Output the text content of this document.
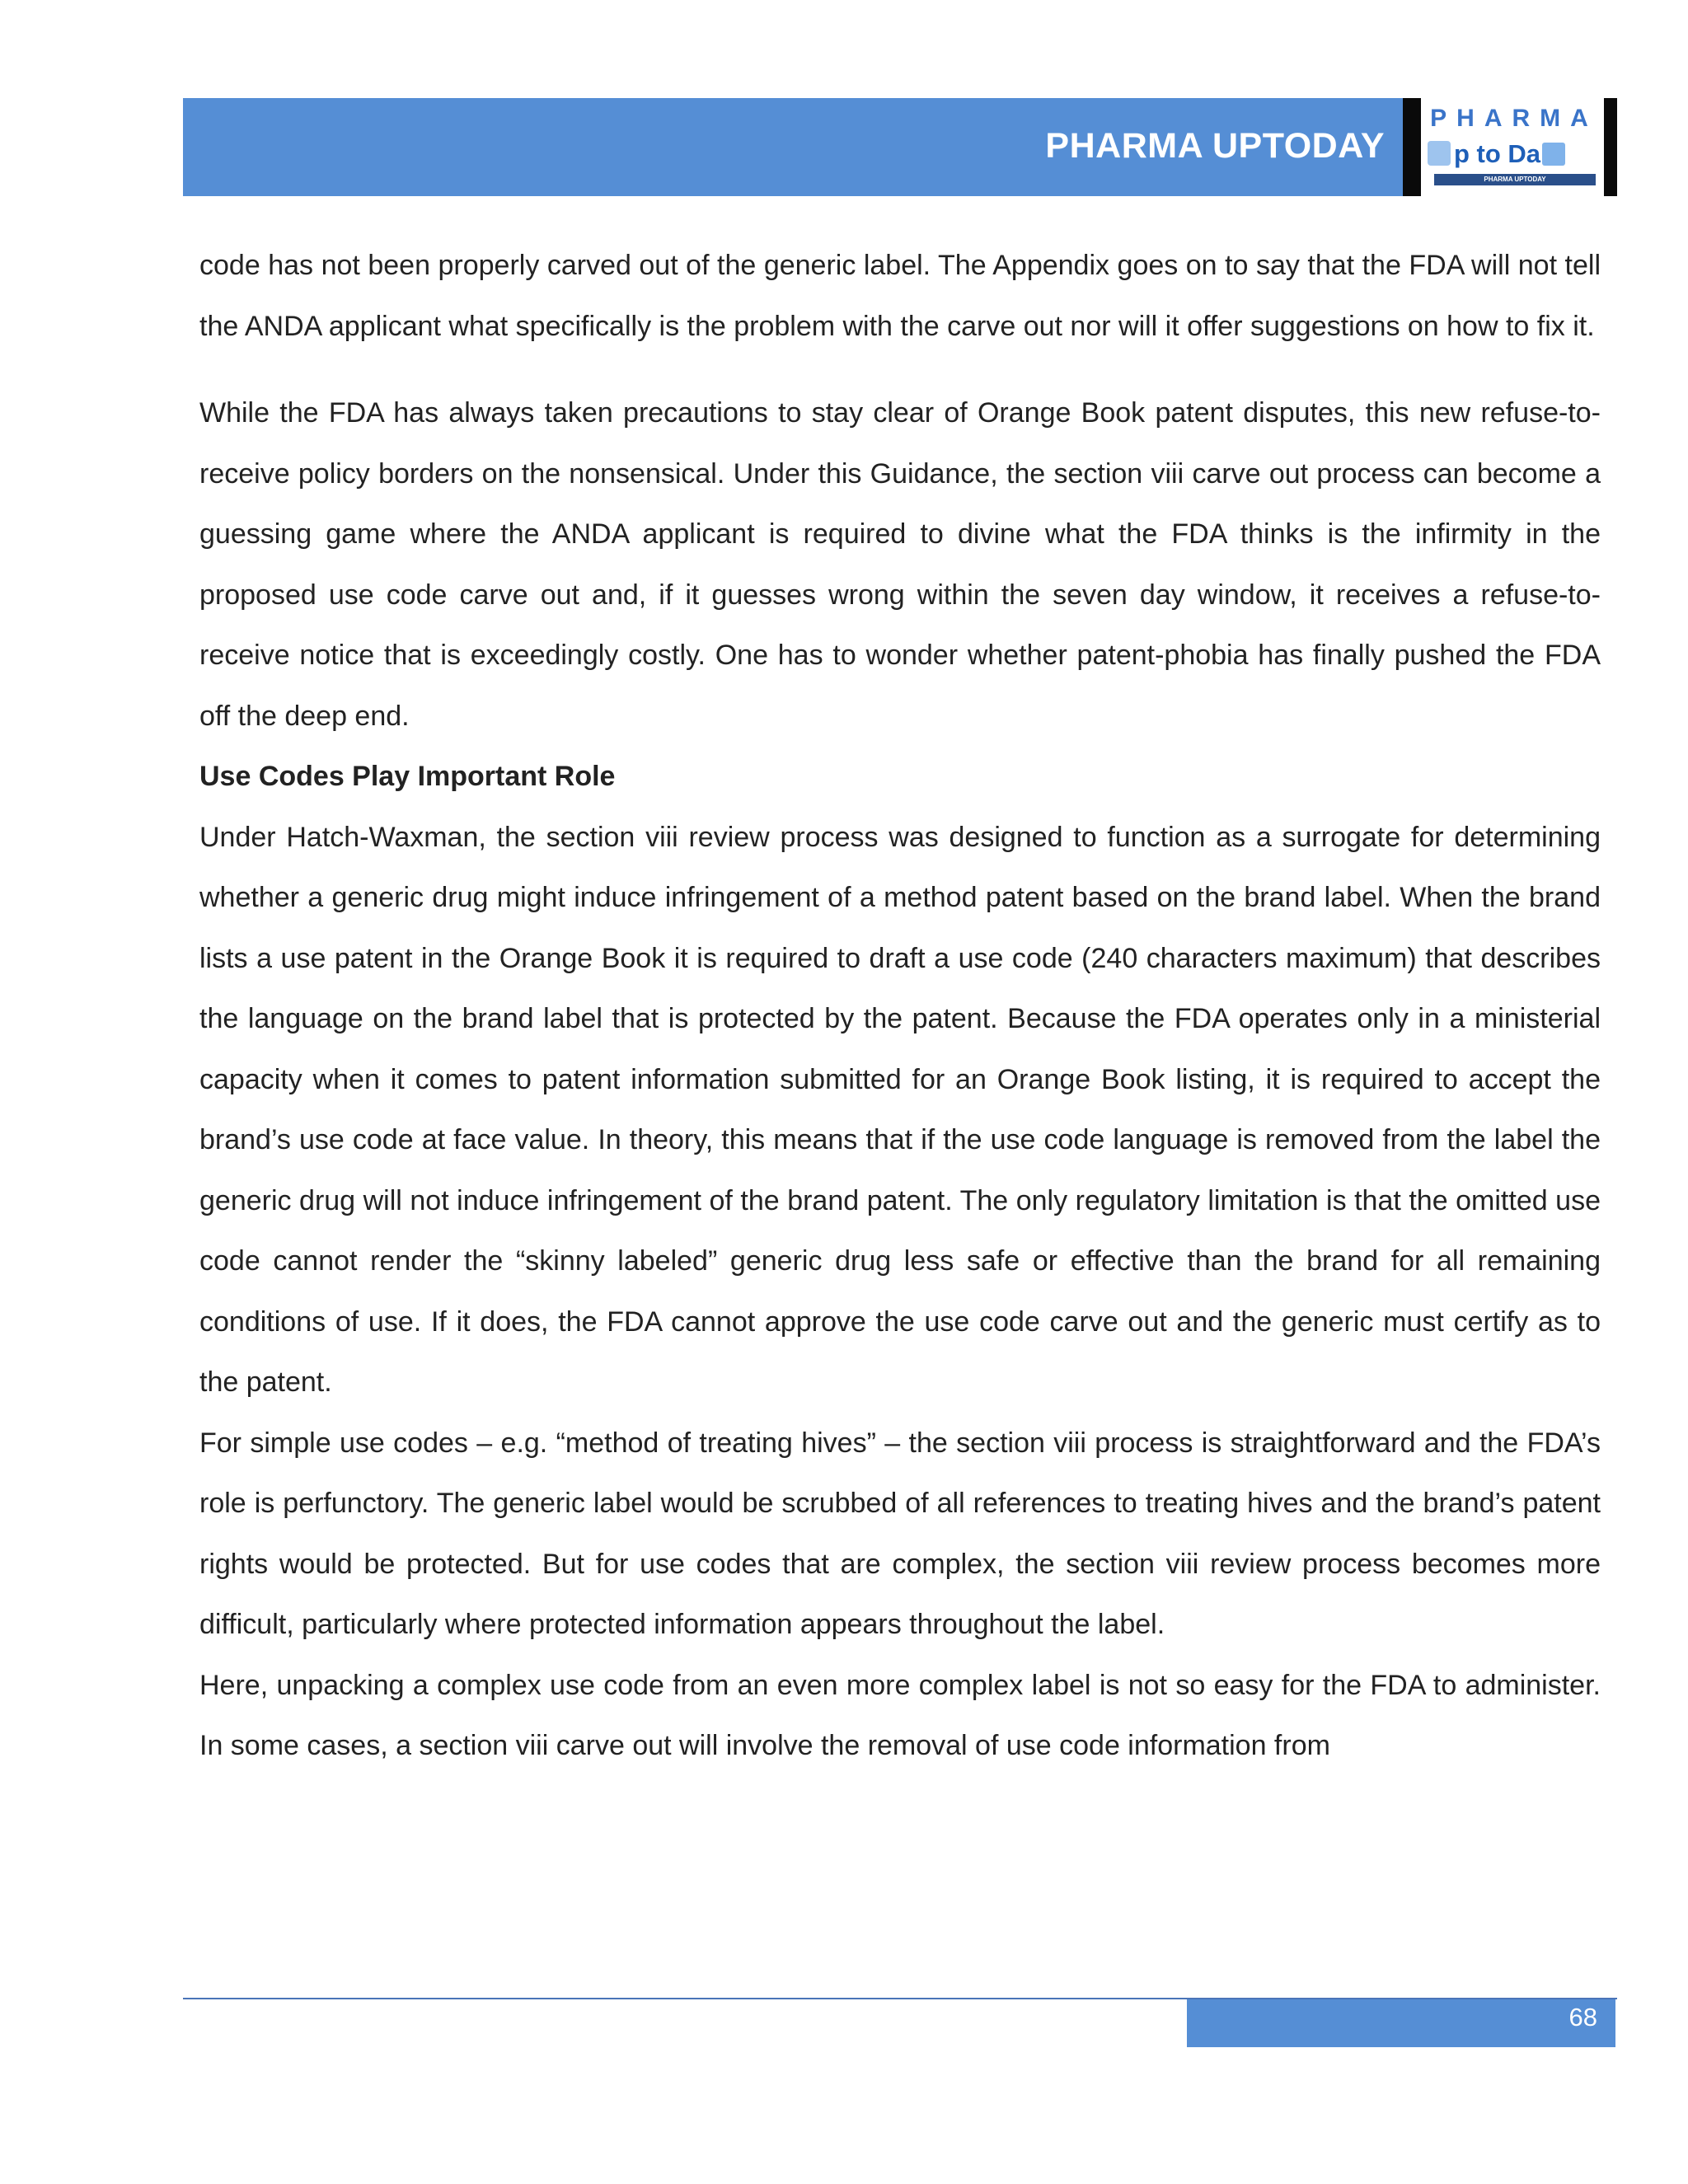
PHARMA UPTODAY
PHARMA
p to Da
PHARMA UPTODAY

code has not been properly carved out of the generic label. The Appendix goes on to say that the FDA will not tell the ANDA applicant what specifically is the problem with the carve out nor will it offer suggestions on how to fix it.

While the FDA has always taken precautions to stay clear of Orange Book patent disputes, this new refuse-to-receive policy borders on the nonsensical. Under this Guidance, the section viii carve out process can become a guessing game where the ANDA applicant is required to divine what the FDA thinks is the infirmity in the proposed use code carve out and, if it guesses wrong within the seven day window, it receives a refuse-to-receive notice that is exceedingly costly. One has to wonder whether patent-phobia has finally pushed the FDA off the deep end.

Use Codes Play Important Role

Under Hatch-Waxman, the section viii review process was designed to function as a surrogate for determining whether a generic drug might induce infringement of a method patent based on the brand label. When the brand lists a use patent in the Orange Book it is required to draft a use code (240 characters maximum) that describes the language on the brand label that is protected by the patent. Because the FDA operates only in a ministerial capacity when it comes to patent information submitted for an Orange Book listing, it is required to accept the brand’s use code at face value. In theory, this means that if the use code language is removed from the label the generic drug will not induce infringement of the brand patent. The only regulatory limitation is that the omitted use code cannot render the “skinny labeled” generic drug less safe or effective than the brand for all remaining conditions of use. If it does, the FDA cannot approve the use code carve out and the generic must certify as to the patent.

For simple use codes – e.g. “method of treating hives” – the section viii process is straightforward and the FDA’s role is perfunctory. The generic label would be scrubbed of all references to treating hives and the brand’s patent rights would be protected. But for use codes that are complex, the section viii review process becomes more difficult, particularly where protected information appears throughout the label.

Here, unpacking a complex use code from an even more complex label is not so easy for the FDA to administer. In some cases, a section viii carve out will involve the removal of use code information from

68
